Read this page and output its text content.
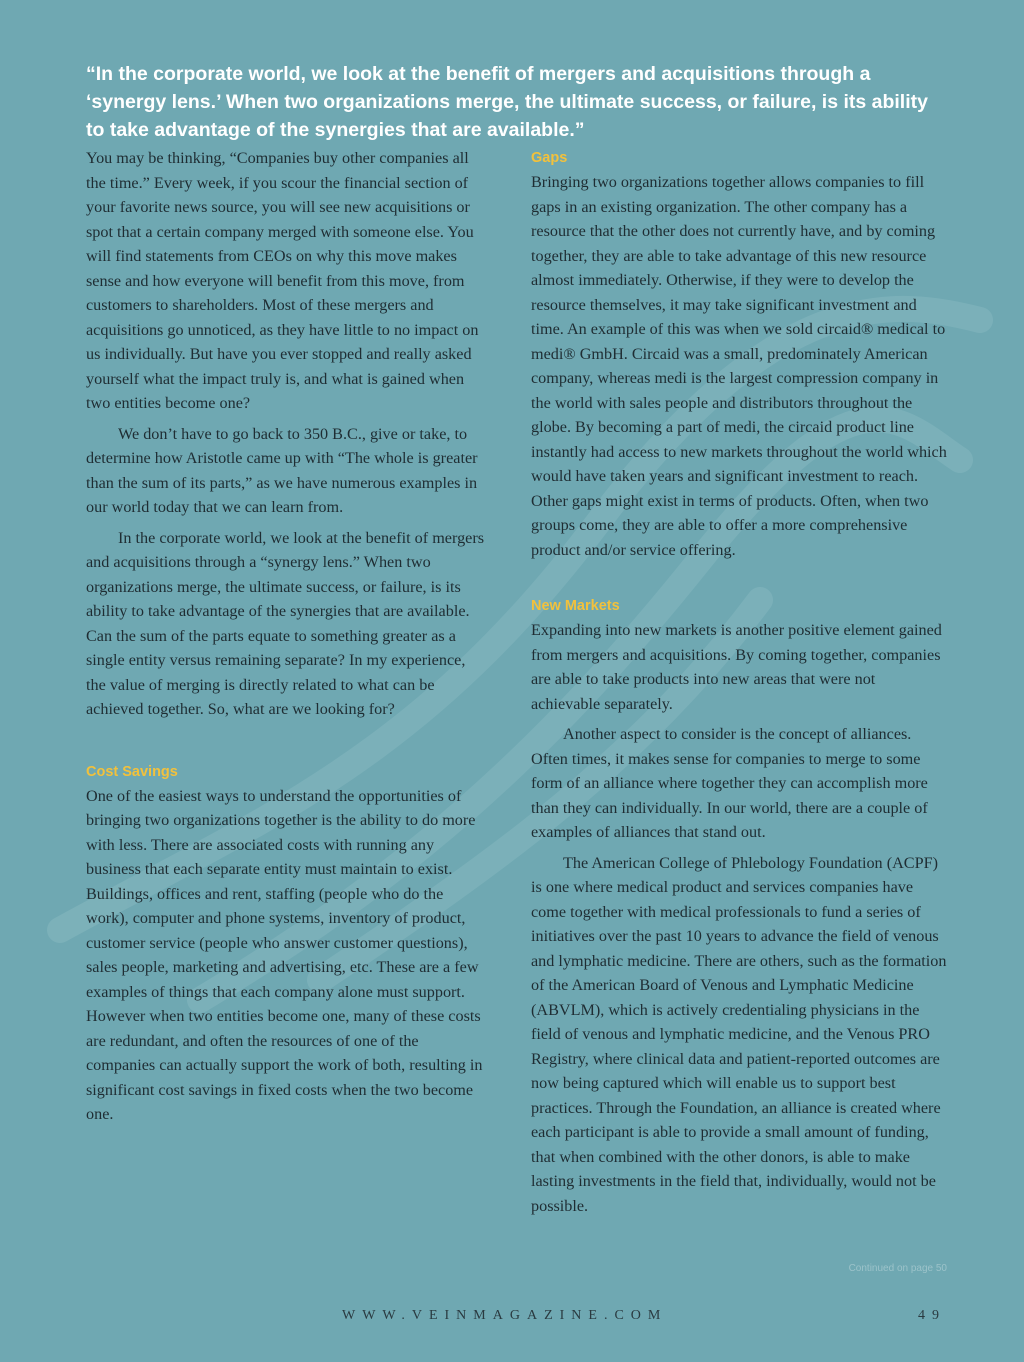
“In the corporate world, we look at the benefit of mergers and acquisitions through a ‘synergy lens.’ When two organizations merge, the ultimate success, or failure, is its ability to take advantage of the synergies that are available.”

You may be thinking, “Companies buy other companies all the time.” Every week, if you scour the financial section of your favorite news source, you will see new acquisitions or spot that a certain company merged with someone else. You will find statements from CEOs on why this move makes sense and how everyone will benefit from this move, from customers to shareholders. Most of these mergers and acquisitions go unnoticed, as they have little to no impact on us individually. But have you ever stopped and really asked yourself what the impact truly is, and what is gained when two entities become one?

We don’t have to go back to 350 B.C., give or take, to determine how Aristotle came up with “The whole is greater than the sum of its parts,” as we have numerous examples in our world today that we can learn from.

In the corporate world, we look at the benefit of mergers and acquisitions through a “synergy lens.” When two organizations merge, the ultimate success, or failure, is its ability to take advantage of the synergies that are available. Can the sum of the parts equate to something greater as a single entity versus remaining separate? In my experience, the value of merging is directly related to what can be achieved together. So, what are we looking for?

Cost Savings

One of the easiest ways to understand the opportunities of bringing two organizations together is the ability to do more with less. There are associated costs with running any business that each separate entity must maintain to exist. Buildings, offices and rent, staffing (people who do the work), computer and phone systems, inventory of product, customer service (people who answer customer questions), sales people, marketing and advertising, etc. These are a few examples of things that each company alone must support. However when two entities become one, many of these costs are redundant, and often the resources of one of the companies can actually support the work of both, resulting in significant cost savings in fixed costs when the two become one.

Gaps

Bringing two organizations together allows companies to fill gaps in an existing organization. The other company has a resource that the other does not currently have, and by coming together, they are able to take advantage of this new resource almost immediately. Otherwise, if they were to develop the resource themselves, it may take significant investment and time. An example of this was when we sold circaid® medical to medi® GmbH. Circaid was a small, predominately American company, whereas medi is the largest compression company in the world with sales people and distributors throughout the globe. By becoming a part of medi, the circaid product line instantly had access to new markets throughout the world which would have taken years and significant investment to reach. Other gaps might exist in terms of products. Often, when two groups come, they are able to offer a more comprehensive product and/or service offering.

New Markets

Expanding into new markets is another positive element gained from mergers and acquisitions. By coming together, companies are able to take products into new areas that were not achievable separately.

Another aspect to consider is the concept of alliances. Often times, it makes sense for companies to merge to some form of an alliance where together they can accomplish more than they can individually. In our world, there are a couple of examples of alliances that stand out.

The American College of Phlebology Foundation (ACPF) is one where medical product and services companies have come together with medical professionals to fund a series of initiatives over the past 10 years to advance the field of venous and lymphatic medicine. There are others, such as the formation of the American Board of Venous and Lymphatic Medicine (ABVLM), which is actively credentialing physicians in the field of venous and lymphatic medicine, and the Venous PRO Registry, where clinical data and patient-reported outcomes are now being captured which will enable us to support best practices. Through the Foundation, an alliance is created where each participant is able to provide a small amount of funding, that when combined with the other donors, is able to make lasting investments in the field that, individually, would not be possible.

Continued on page 50
WWW.VEINMAGAZINE.COM	49
